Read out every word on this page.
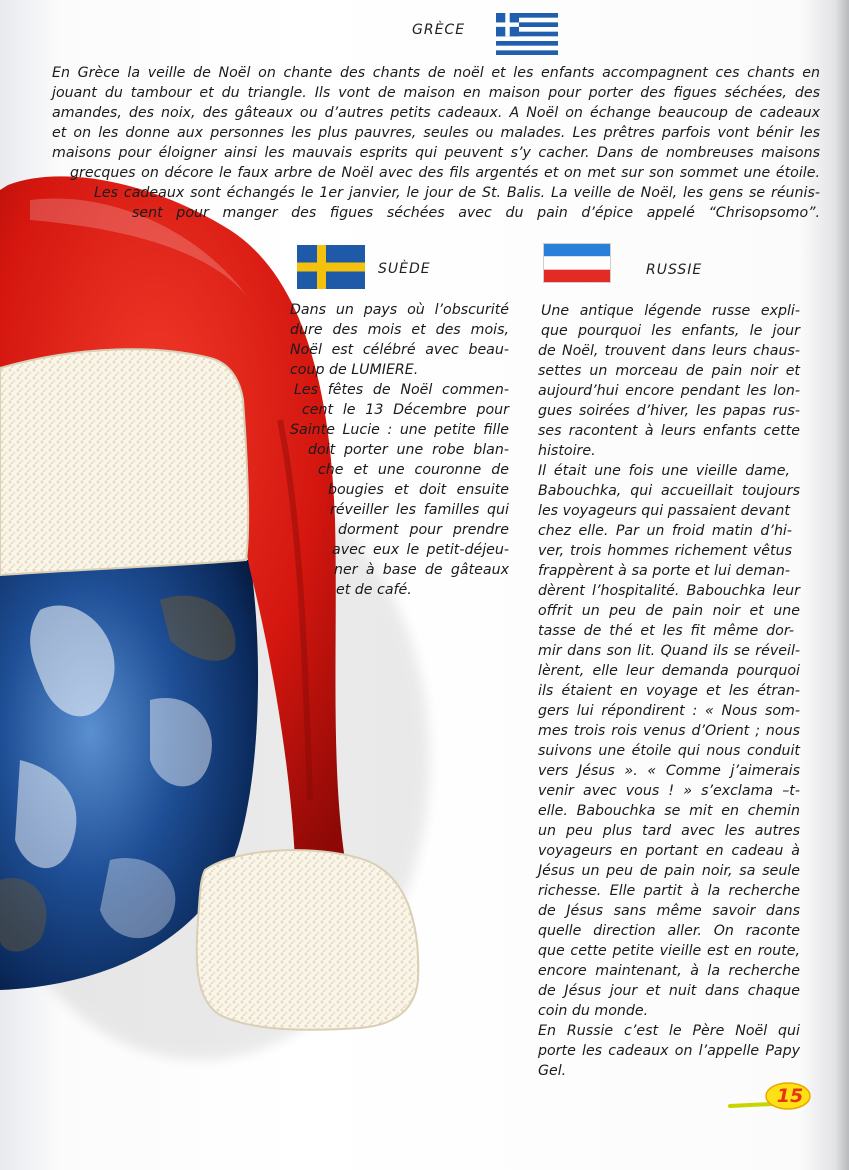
GRÈCE
En Grèce la veille de Noël on chante des chants de noël et les enfants accompagnent ces chants en
jouant du tambour et du triangle. Ils vont de maison en maison pour porter des figues séchées, des
amandes, des noix, des gâteaux ou d’autres petits cadeaux. A Noël on échange beaucoup de cadeaux
et on les donne aux personnes les plus pauvres, seules ou malades. Les prêtres parfois vont bénir les
maisons pour éloigner ainsi les mauvais esprits qui peuvent s’y cacher. Dans de nombreuses maisons
grecques on décore le faux arbre de Noël avec des fils argentés et on met sur son sommet une étoile.
Les cadeaux sont échangés le 1er janvier, le jour de St. Balis. La veille de Noël, les gens se réunis-
sent pour manger des figues séchées avec du pain d’épice appelé “Chrisopsomo”.
SUÈDE
Dans un pays où l’obscurité
dure des mois et des mois,
Noël est célébré avec beau-
coup de LUMIERE.
Les fêtes de Noël commen-
cent le 13 Décembre pour
Sainte Lucie : une petite fille
doit porter une robe blan-
che et une couronne de
bougies et doit ensuite
réveiller les familles qui
dorment pour prendre
avec eux le petit-déjeu-
ner à base de gâteaux
et de café.
RUSSIE
Une antique légende russe expli-
que pourquoi les enfants, le jour
de Noël, trouvent dans leurs chaus-
settes un morceau de pain noir et
aujourd’hui encore pendant les lon-
gues soirées d’hiver, les papas rus-
ses racontent à leurs enfants cette
histoire.
Il était une fois une vieille dame,
Babouchka, qui accueillait toujours
les voyageurs qui passaient devant
chez elle. Par un froid matin d’hi-
ver, trois hommes richement vêtus
frappèrent à sa porte et lui deman-
dèrent l’hospitalité. Babouchka leur
offrit un peu de pain noir et une
tasse de thé et les fit même dor-
mir dans son lit. Quand ils se réveil-
lèrent, elle leur demanda pourquoi
ils étaient en voyage et les étran-
gers lui répondirent : « Nous som-
mes trois rois venus d’Orient ; nous
suivons une étoile qui nous conduit
vers Jésus ». « Comme j’aimerais
venir avec vous ! » s’exclama –t-
elle. Babouchka se mit en chemin
un peu plus tard avec les autres
voyageurs en portant en cadeau à
Jésus un peu de pain noir, sa seule
richesse. Elle partit à la recherche
de Jésus sans même savoir dans
quelle direction aller. On raconte
que cette petite vieille est en route,
encore maintenant, à la recherche
de Jésus jour et nuit dans chaque
coin du monde.
En Russie c’est le Père Noël qui
porte les cadeaux on l’appelle Papy
Gel.
15
